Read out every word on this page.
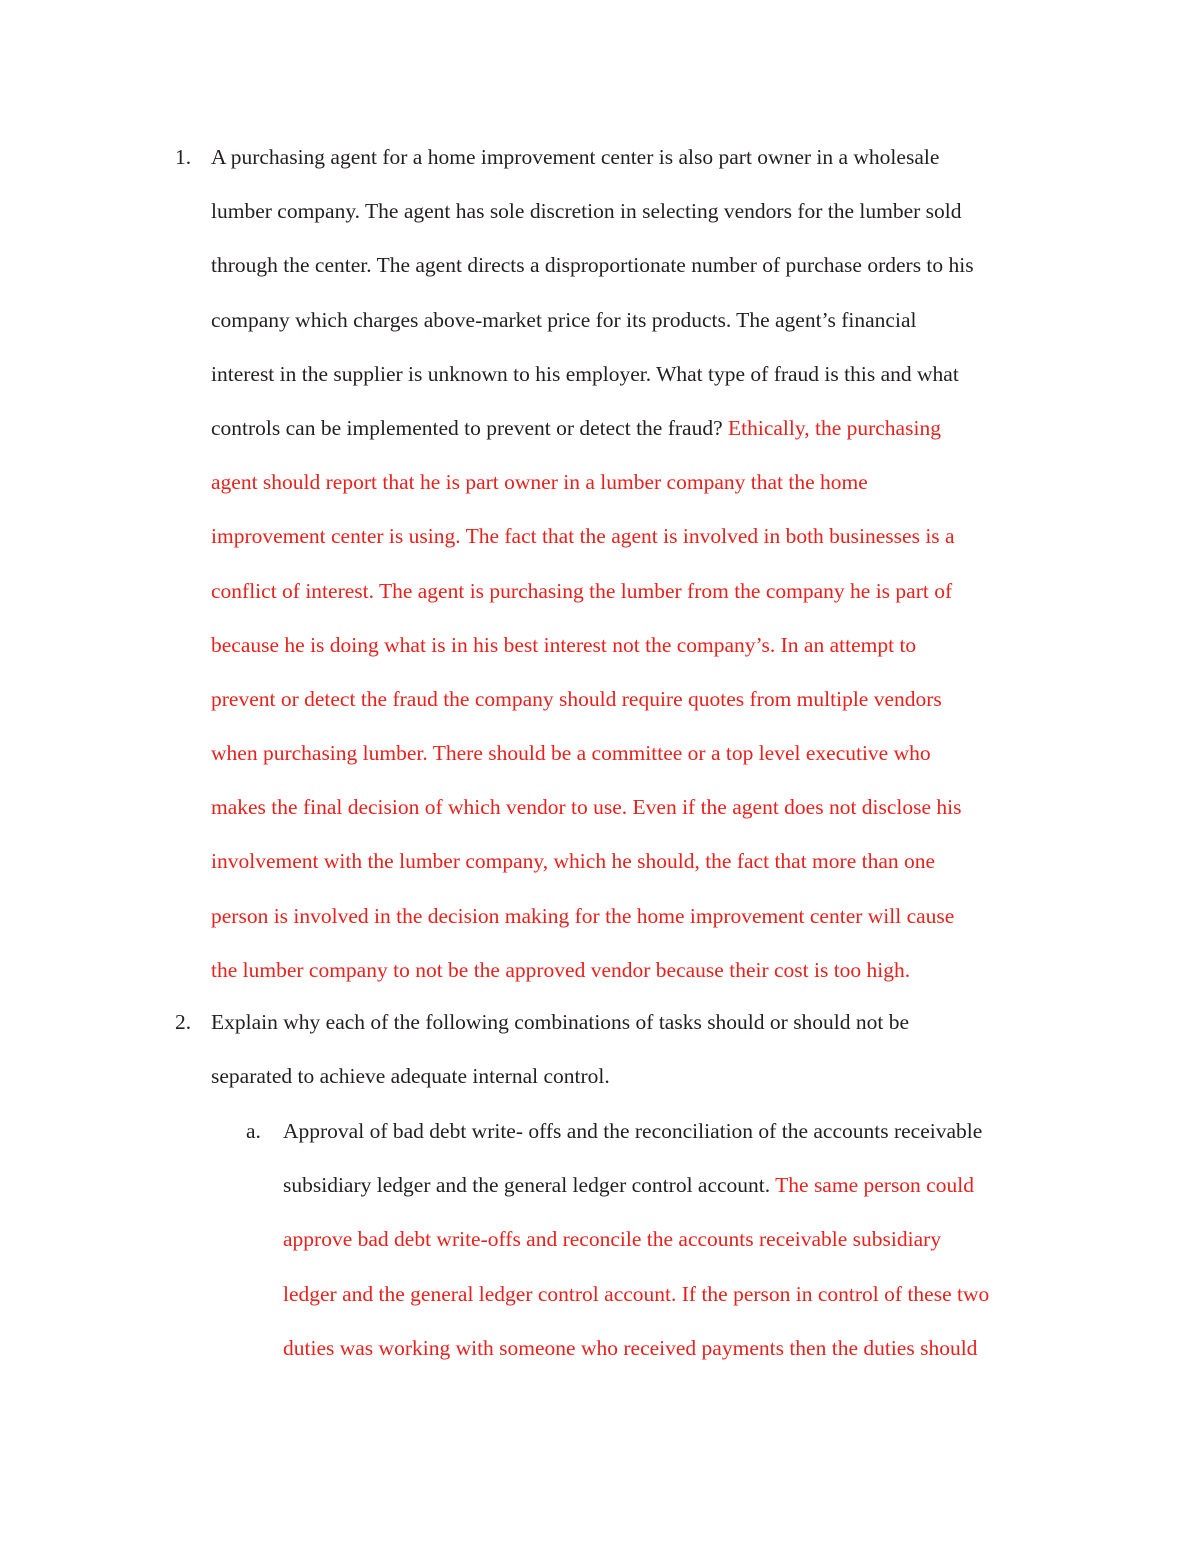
1. A purchasing agent for a home improvement center is also part owner in a wholesale
lumber company. The agent has sole discretion in selecting vendors for the lumber sold
through the center. The agent directs a disproportionate number of purchase orders to his
company which charges above-market price for its products. The agent’s financial
interest in the supplier is unknown to his employer. What type of fraud is this and what
controls can be implemented to prevent or detect the fraud? Ethically, the purchasing
agent should report that he is part owner in a lumber company that the home
improvement center is using. The fact that the agent is involved in both businesses is a
conflict of interest. The agent is purchasing the lumber from the company he is part of
because he is doing what is in his best interest not the company’s. In an attempt to
prevent or detect the fraud the company should require quotes from multiple vendors
when purchasing lumber. There should be a committee or a top level executive who
makes the final decision of which vendor to use. Even if the agent does not disclose his
involvement with the lumber company, which he should, the fact that more than one
person is involved in the decision making for the home improvement center will cause
the lumber company to not be the approved vendor because their cost is too high.
2. Explain why each of the following combinations of tasks should or should not be
separated to achieve adequate internal control.
a. Approval of bad debt write- offs and the reconciliation of the accounts receivable
subsidiary ledger and the general ledger control account. The same person could
approve bad debt write-offs and reconcile the accounts receivable subsidiary
ledger and the general ledger control account. If the person in control of these two
duties was working with someone who received payments then the duties should
